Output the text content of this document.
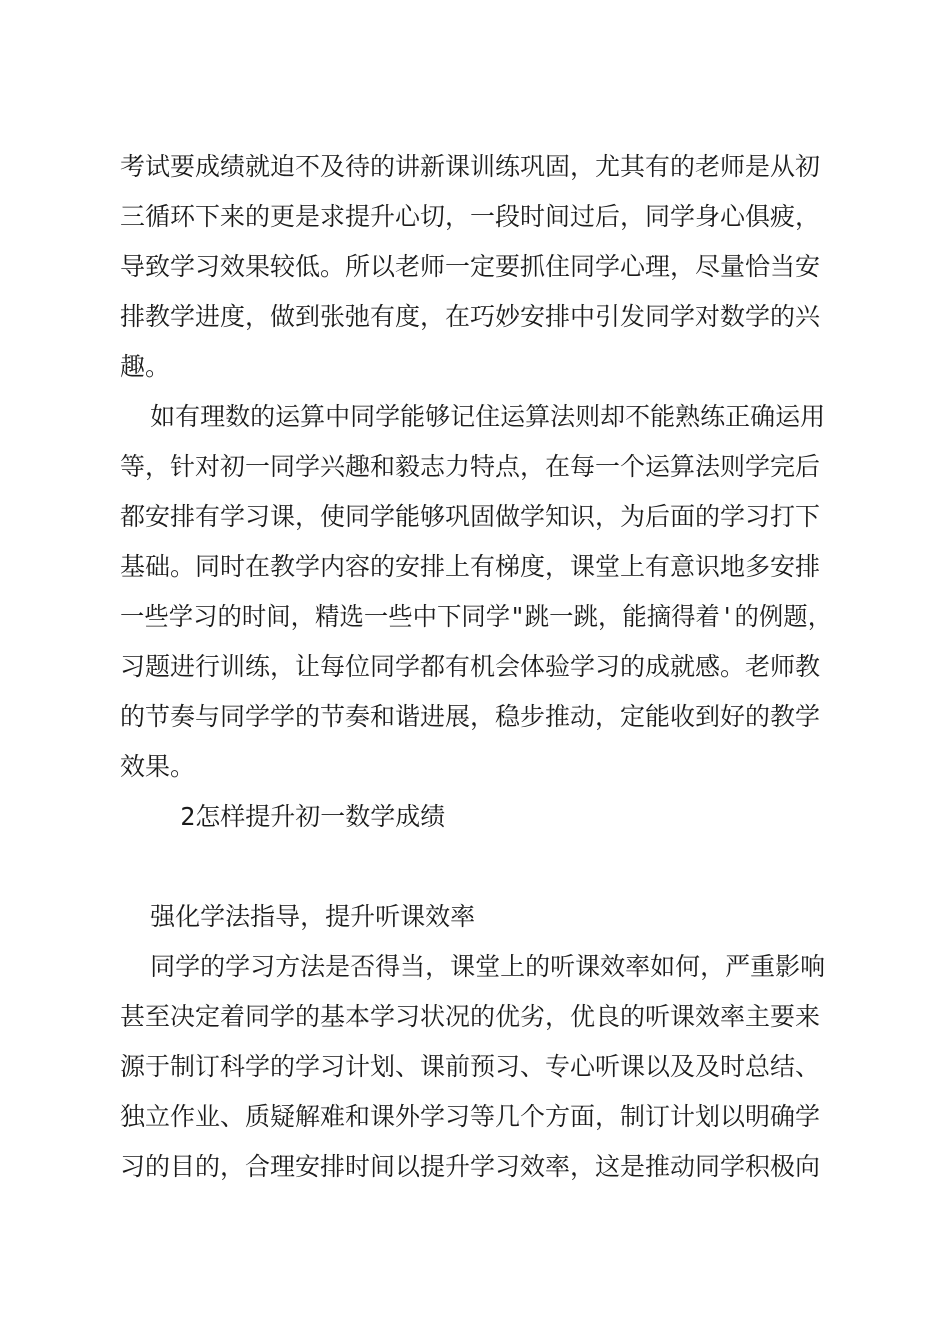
考试要成绩就迫不及待的讲新课训练巩固，尤其有的老师是从初
三循环下来的更是求提升心切，一段时间过后，同学身心俱疲，
导致学习效果较低。所以老师一定要抓住同学心理，尽量恰当安
排教学进度，做到张弛有度，在巧妙安排中引发同学对数学的兴
趣。
如有理数的运算中同学能够记住运算法则却不能熟练正确运用
等，针对初一同学兴趣和毅志力特点，在每一个运算法则学完后
都安排有学习课，使同学能够巩固做学知识，为后面的学习打下
基础。同时在教学内容的安排上有梯度，课堂上有意识地多安排
一些学习的时间，精选一些中下同学"跳一跳，能摘得着'的例题，
习题进行训练，让每位同学都有机会体验学习的成就感。老师教
的节奏与同学学的节奏和谐进展，稳步推动，定能收到好的教学
效果。
2怎样提升初一数学成绩
强化学法指导，提升听课效率
同学的学习方法是否得当，课堂上的听课效率如何，严重影响
甚至决定着同学的基本学习状况的优劣，优良的听课效率主要来
源于制订科学的学习计划、课前预习、专心听课以及及时总结、
独立作业、质疑解难和课外学习等几个方面，制订计划以明确学
习的目的，合理安排时间以提升学习效率，这是推动同学积极向
